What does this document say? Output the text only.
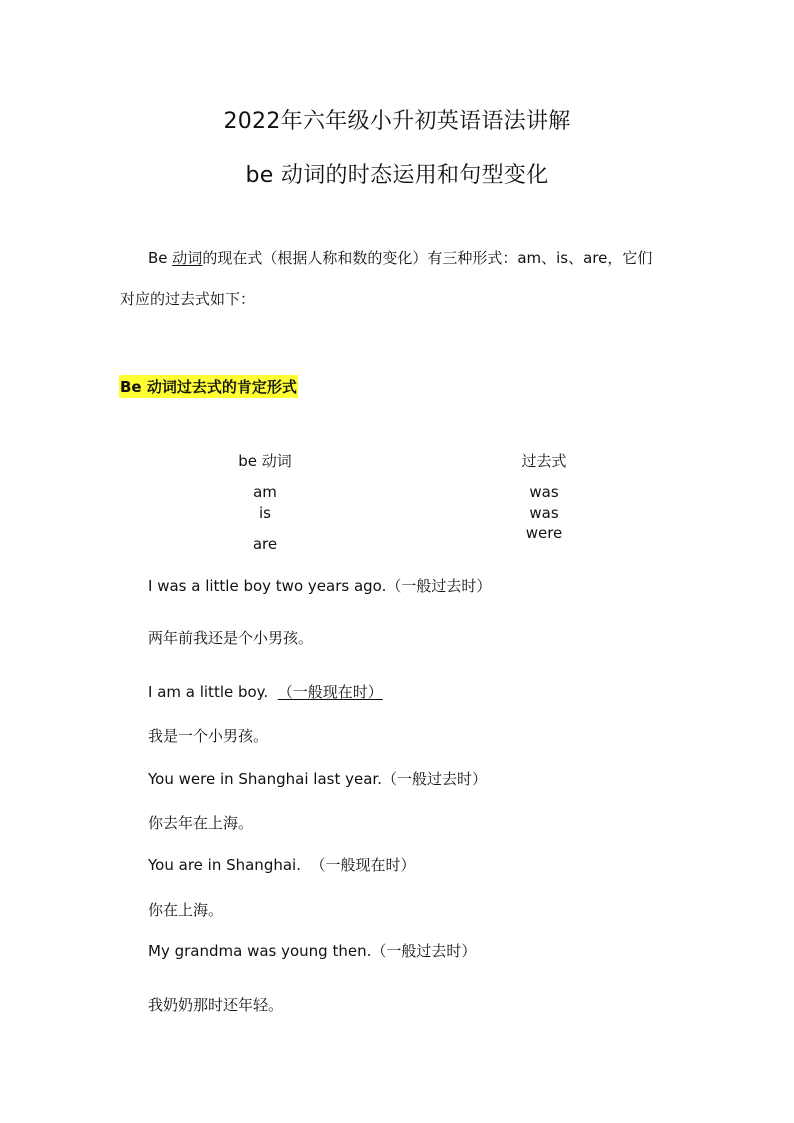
2022年六年级小升初英语语法讲解
be 动词的时态运用和句型变化
Be 动词的现在式（根据人称和数的变化）有三种形式：am、is、are，它们
对应的过去式如下：
Be 动词过去式的肯定形式
be 动词	过去式
am
is
are
was
was
were
I was a little boy two years ago.（一般过去时）
两年前我还是个小男孩。
I am a little boy. （一般现在时）
我是一个小男孩。
You were in Shanghai last year.（一般过去时）
你去年在上海。
You are in Shanghai. （一般现在时）
你在上海。
My grandma was young then.（一般过去时）
我奶奶那时还年轻。
